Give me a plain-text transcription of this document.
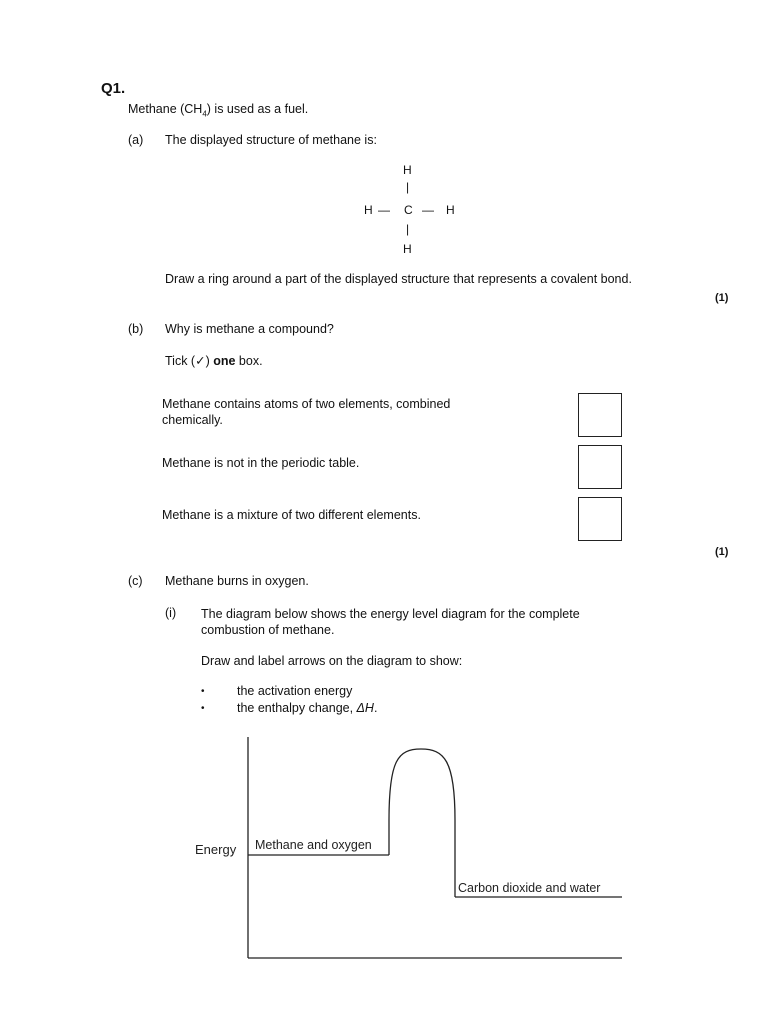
Q1.
Methane $(CH_4)$ is used as a fuel.
(a) The displayed structure of methane is:
H
|
H — C — H
|
H
Draw a ring around a part of the displayed structure that represents a covalent bond.
(1)
(b) Why is methane a compound?
Tick (✓) one box.
Methane contains atoms of two elements, combined
chemically.
Methane is not in the periodic table.
Methane is a mixture of two different elements.
(1)
(c) Methane burns in oxygen.
(i) The diagram below shows the energy level diagram for the complete
combustion of methane.
Draw and label arrows on the diagram to show:
•	the activation energy
•	the enthalpy change, ΔH.
Energy Methane and oxygen
Carbon dioxide and water
